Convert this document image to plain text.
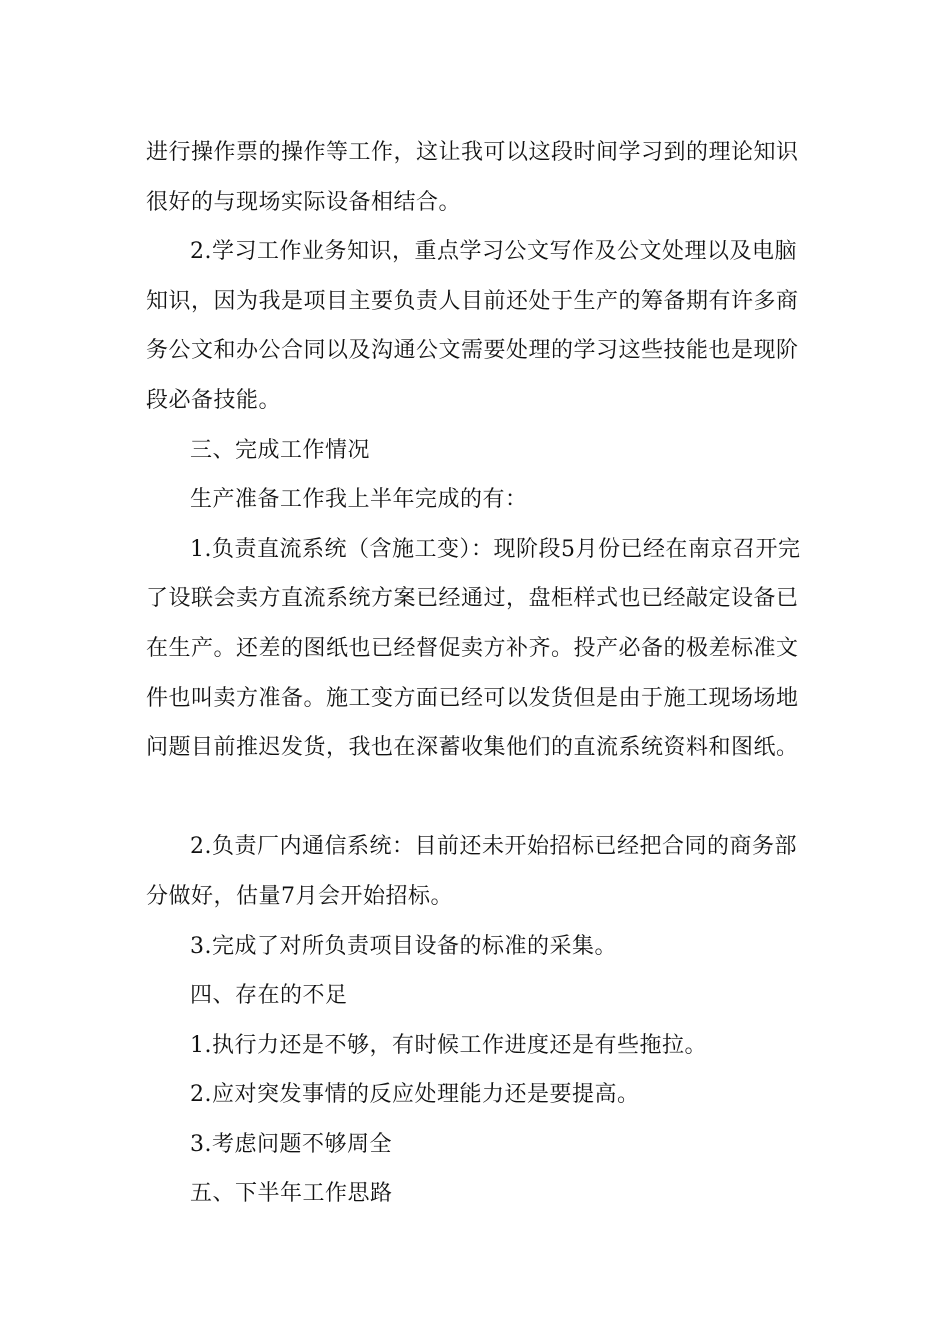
进行操作票的操作等工作，这让我可以这段时间学习到的理论知识很好的与现场实际设备相结合。

2.学习工作业务知识，重点学习公文写作及公文处理以及电脑知识，因为我是项目主要负责人目前还处于生产的筹备期有许多商务公文和办公合同以及沟通公文需要处理的学习这些技能也是现阶段必备技能。

三、完成工作情况

生产准备工作我上半年完成的有：

1.负责直流系统（含施工变）：现阶段5月份已经在南京召开完了设联会卖方直流系统方案已经通过，盘柜样式也已经敲定设备已在生产。还差的图纸也已经督促卖方补齐。投产必备的极差标准文件也叫卖方准备。施工变方面已经可以发货但是由于施工现场场地问题目前推迟发货，我也在深蓄收集他们的直流系统资料和图纸。

2.负责厂内通信系统：目前还未开始招标已经把合同的商务部分做好，估量7月会开始招标。

3.完成了对所负责项目设备的标准的采集。

四、存在的不足

1.执行力还是不够，有时候工作进度还是有些拖拉。

2.应对突发事情的反应处理能力还是要提高。

3.考虑问题不够周全

五、下半年工作思路
